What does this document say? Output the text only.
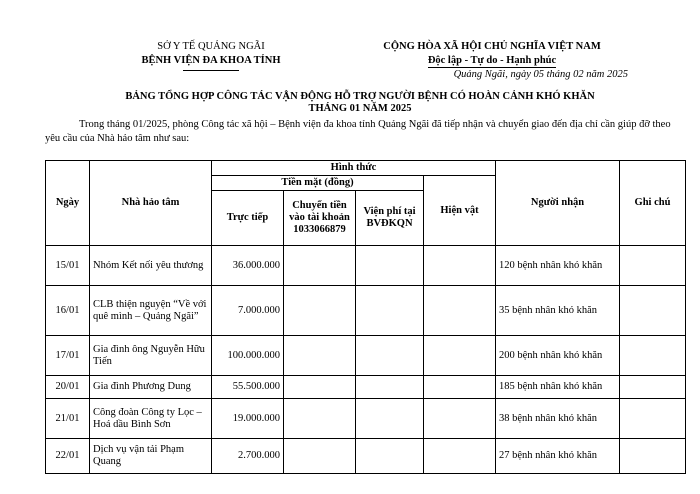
SỞ Y TẾ QUẢNG NGÃI
BỆNH VIỆN ĐA KHOA TỈNH
CỘNG HÒA XÃ HỘI CHỦ NGHĨA VIỆT NAM
Độc lập - Tự do - Hạnh phúc
Quảng Ngãi, ngày 05 tháng 02 năm 2025
BẢNG TỔNG HỢP CÔNG TÁC VẬN ĐỘNG HỖ TRỢ NGƯỜI BỆNH CÓ HOÀN CẢNH KHÓ KHĂN
THÁNG 01 NĂM 2025
Trong tháng 01/2025, phòng Công tác xã hội – Bệnh viện đa khoa tỉnh Quảng Ngãi đã tiếp nhận và chuyển giao đến địa chỉ cần giúp đỡ theo yêu cầu của Nhà hảo tâm như sau:
Ngày	Nhà hảo tâm	Hình thức				Người nhận	Ghi chú
		Tiền mặt (đồng)			Hiện vật		
		Trực tiếp	Chuyển tiền vào tài khoản 1033066879	Viện phí tại BVĐKQN			
15/01	Nhóm Kết nối yêu thương	36.000.000				120 bệnh nhân khó khăn	
16/01	CLB thiện nguyện “Về với quê mình – Quảng Ngãi”	7.000.000				35 bệnh nhân khó khăn	
17/01	Gia đình ông Nguyễn Hữu Tiến	100.000.000				200 bệnh nhân khó khăn	
20/01	Gia đình Phương Dung	55.500.000				185 bệnh nhân khó khăn	
21/01	Công đoàn Công ty Lọc – Hoá dầu Bình Sơn	19.000.000				38 bệnh nhân khó khăn	
22/01	Dịch vụ vận tải Phạm Quang	2.700.000				27 bệnh nhân khó khăn	
